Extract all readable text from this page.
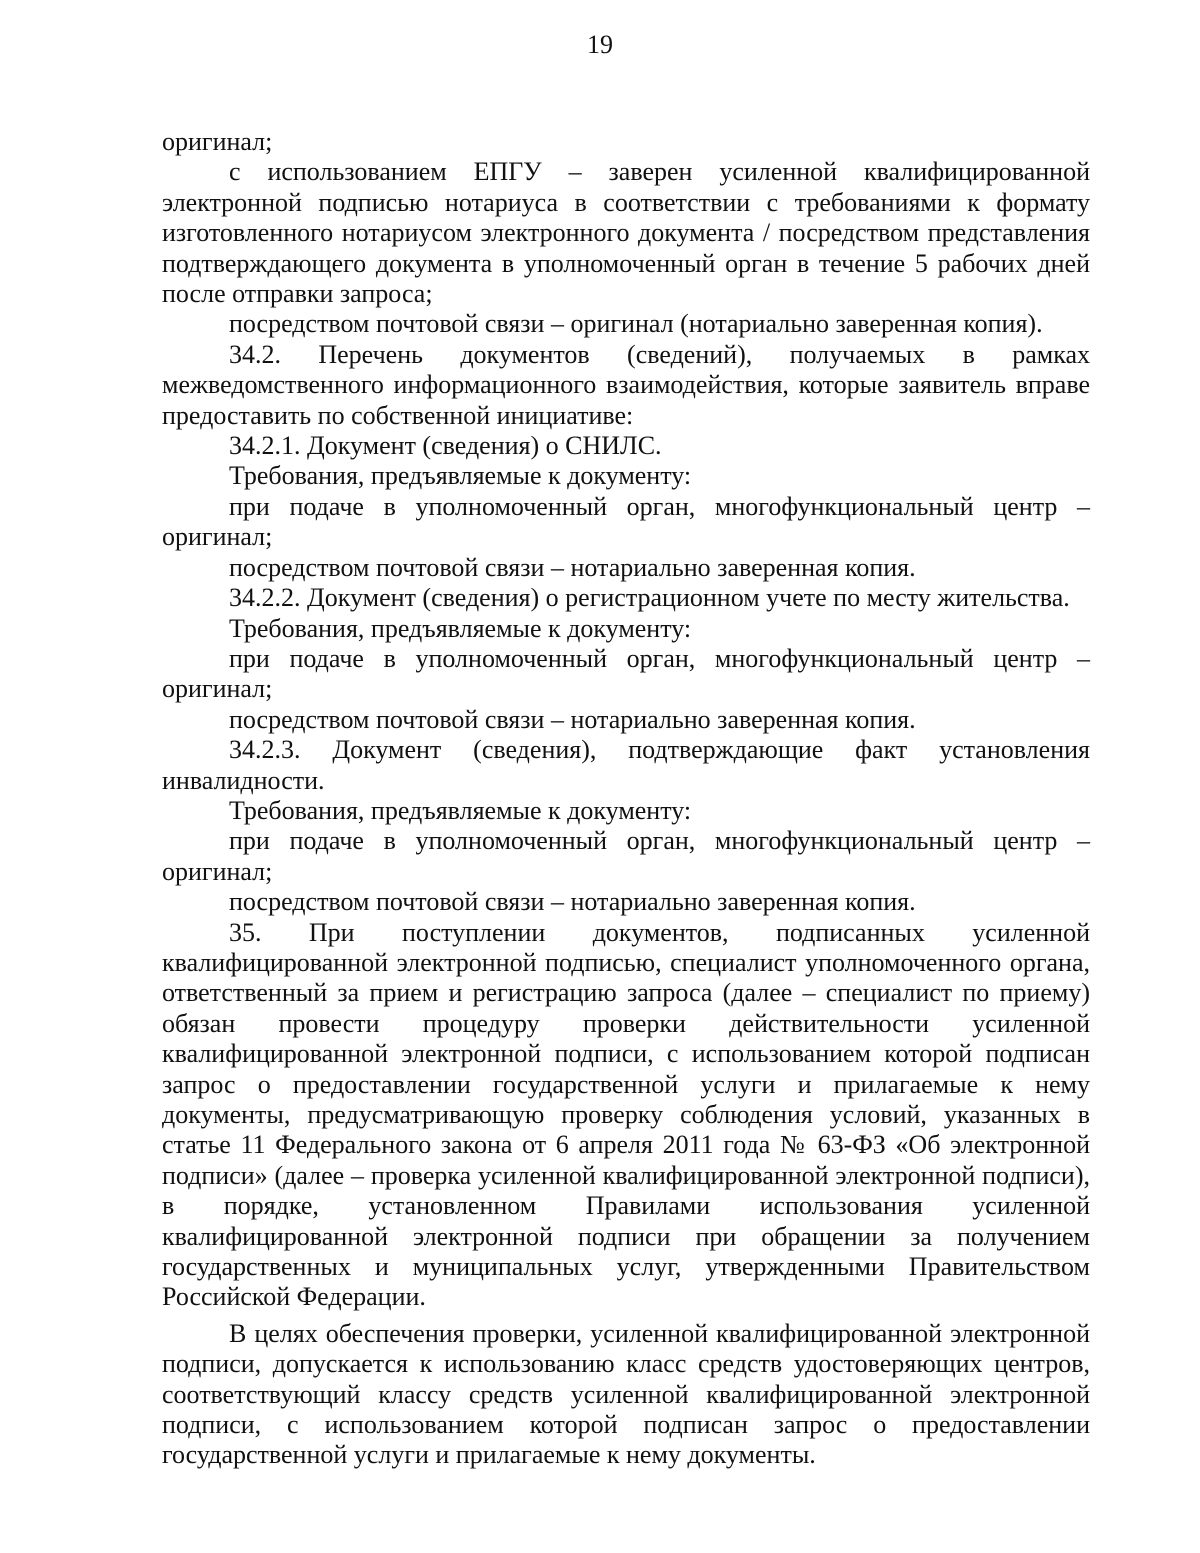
19

оригинал;

с использованием ЕПГУ – заверен усиленной квалифицированной электронной подписью нотариуса в соответствии с требованиями к формату изготовленного нотариусом электронного документа / посредством представления подтверждающего документа в уполномоченный орган в течение 5 рабочих дней после отправки запроса;

посредством почтовой связи – оригинал (нотариально заверенная копия).

34.2. Перечень документов (сведений), получаемых в рамках межведомственного информационного взаимодействия, которые заявитель вправе предоставить по собственной инициативе:

34.2.1. Документ (сведения) о СНИЛС.

Требования, предъявляемые к документу:

при подаче в уполномоченный орган, многофункциональный центр – оригинал;

посредством почтовой связи – нотариально заверенная копия.

34.2.2. Документ (сведения) о регистрационном учете по месту жительства.

Требования, предъявляемые к документу:

при подаче в уполномоченный орган, многофункциональный центр – оригинал;

посредством почтовой связи – нотариально заверенная копия.

34.2.3. Документ (сведения), подтверждающие факт установления инвалидности.

Требования, предъявляемые к документу:

при подаче в уполномоченный орган, многофункциональный центр – оригинал;

посредством почтовой связи – нотариально заверенная копия.

35. При поступлении документов, подписанных усиленной квалифицированной электронной подписью, специалист уполномоченного органа, ответственный за прием и регистрацию запроса (далее – специалист по приему) обязан провести процедуру проверки действительности усиленной квалифицированной электронной подписи, с использованием которой подписан запрос о предоставлении государственной услуги и прилагаемые к нему документы, предусматривающую проверку соблюдения условий, указанных в статье 11 Федерального закона от 6 апреля 2011 года № 63-ФЗ «Об электронной подписи» (далее – проверка усиленной квалифицированной электронной подписи), в порядке, установленном Правилами использования усиленной квалифицированной электронной подписи при обращении за получением государственных и муниципальных услуг, утвержденными Правительством Российской Федерации.

В целях обеспечения проверки, усиленной квалифицированной электронной подписи, допускается к использованию класс средств удостоверяющих центров, соответствующий классу средств усиленной квалифицированной электронной подписи, с использованием которой подписан запрос о предоставлении государственной услуги и прилагаемые к нему документы.
